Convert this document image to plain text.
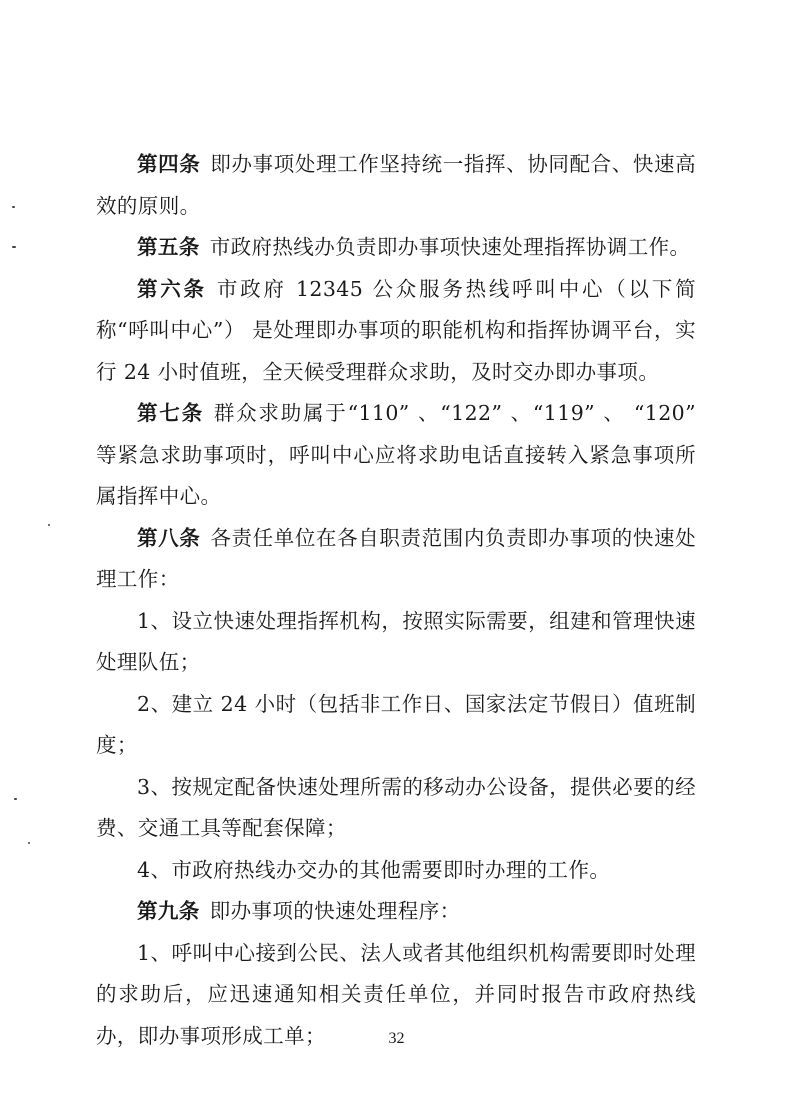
第四条 即办事项处理工作坚持统一指挥、协同配合、快速高效的原则。

第五条 市政府热线办负责即办事项快速处理指挥协调工作。

第六条 市政府 12345 公众服务热线呼叫中心（以下简称“呼叫中心”） 是处理即办事项的职能机构和指挥协调平台，实行 24 小时值班，全天候受理群众求助，及时交办即办事项。

第七条 群众求助属于“110” 、“122” 、“119” 、 “120” 等紧急求助事项时，呼叫中心应将求助电话直接转入紧急事项所属指挥中心。

第八条 各责任单位在各自职责范围内负责即办事项的快速处理工作：

1、设立快速处理指挥机构，按照实际需要，组建和管理快速处理队伍；

2、建立 24 小时（包括非工作日、国家法定节假日）值班制度；

3、按规定配备快速处理所需的移动办公设备，提供必要的经费、交通工具等配套保障；

4、市政府热线办交办的其他需要即时办理的工作。

第九条 即办事项的快速处理程序：

1、呼叫中心接到公民、法人或者其他组织机构需要即时处理的求助后，应迅速通知相关责任单位，并同时报告市政府热线办，即办事项形成工单；	32
